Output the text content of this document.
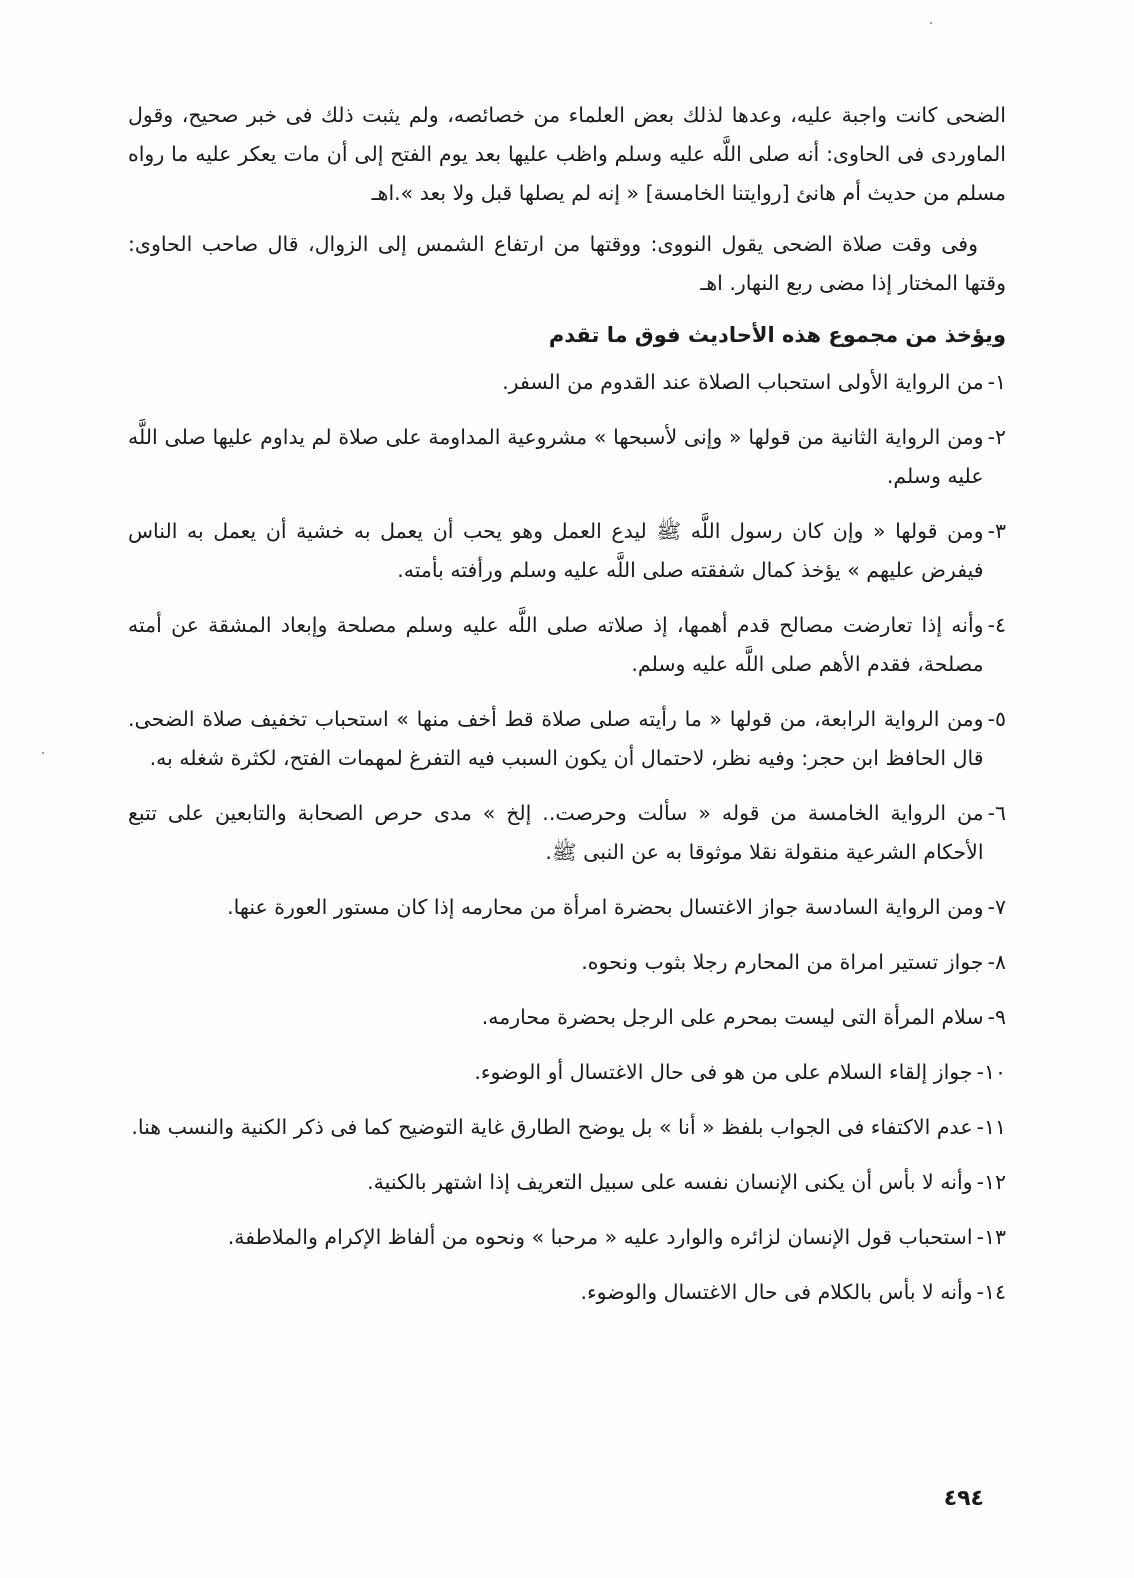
الضحى كانت واجبة عليه، وعدها لذلك بعض العلماء من خصائصه، ولم يثبت ذلك فى خبر صحيح، وقول الماوردى فى الحاوى: أنه صلى اللَّه عليه وسلم واظب عليها بعد يوم الفتح إلى أن مات يعكر عليه ما رواه مسلم من حديث أم هانئ [روايتنا الخامسة] « إنه لم يصلها قبل ولا بعد ».اهـ

وفى وقت صلاة الضحى يقول النووى: ووقتها من ارتفاع الشمس إلى الزوال، قال صاحب الحاوى: وقتها المختار إذا مضى ربع النهار. اهـ

ويؤخذ من مجموع هذه الأحاديث فوق ما تقدم
١-
من الرواية الأولى استحباب الصلاة عند القدوم من السفر.
٢-
ومن الرواية الثانية من قولها « وإنى لأسبحها » مشروعية المداومة على صلاة لم يداوم عليها صلى اللَّه عليه وسلم.
٣-
ومن قولها « وإن كان رسول اللَّه ﷺ ليدع العمل وهو يحب أن يعمل به خشية أن يعمل به الناس فيفرض عليهم » يؤخذ كمال شفقته صلى اللَّه عليه وسلم ورأفته بأمته.
٤-
وأنه إذا تعارضت مصالح قدم أهمها، إذ صلاته صلى اللَّه عليه وسلم مصلحة وإبعاد المشقة عن أمته مصلحة، فقدم الأهم صلى اللَّه عليه وسلم.
٥-
ومن الرواية الرابعة، من قولها « ما رأيته صلى صلاة قط أخف منها » استحباب تخفيف صلاة الضحى. قال الحافظ ابن حجر: وفيه نظر، لاحتمال أن يكون السبب فيه التفرغ لمهمات الفتح، لكثرة شغله به.
٦-
من الرواية الخامسة من قوله « سألت وحرصت.. إلخ » مدى حرص الصحابة والتابعين على تتبع الأحكام الشرعية منقولة نقلا موثوقا به عن النبى ﷺ.
٧-
ومن الرواية السادسة جواز الاغتسال بحضرة امرأة من محارمه إذا كان مستور العورة عنها.
٨-
جواز تستير امراة من المحارم رجلا بثوب ونحوه.
٩-
سلام المرأة التى ليست بمحرم على الرجل بحضرة محارمه.
١٠-
جواز إلقاء السلام على من هو فى حال الاغتسال أو الوضوء.
١١-
عدم الاكتفاء فى الجواب بلفظ « أنا » بل يوضح الطارق غاية التوضيح كما فى ذكر الكنية والنسب هنا.
١٢-
وأنه لا بأس أن يكنى الإنسان نفسه على سبيل التعريف إذا اشتهر بالكنية.
١٣-
استحباب قول الإنسان لزائره والوارد عليه « مرحبا » ونحوه من ألفاظ الإكرام والملاطفة.
١٤-
وأنه لا بأس بالكلام فى حال الاغتسال والوضوء.
٤٩٤
